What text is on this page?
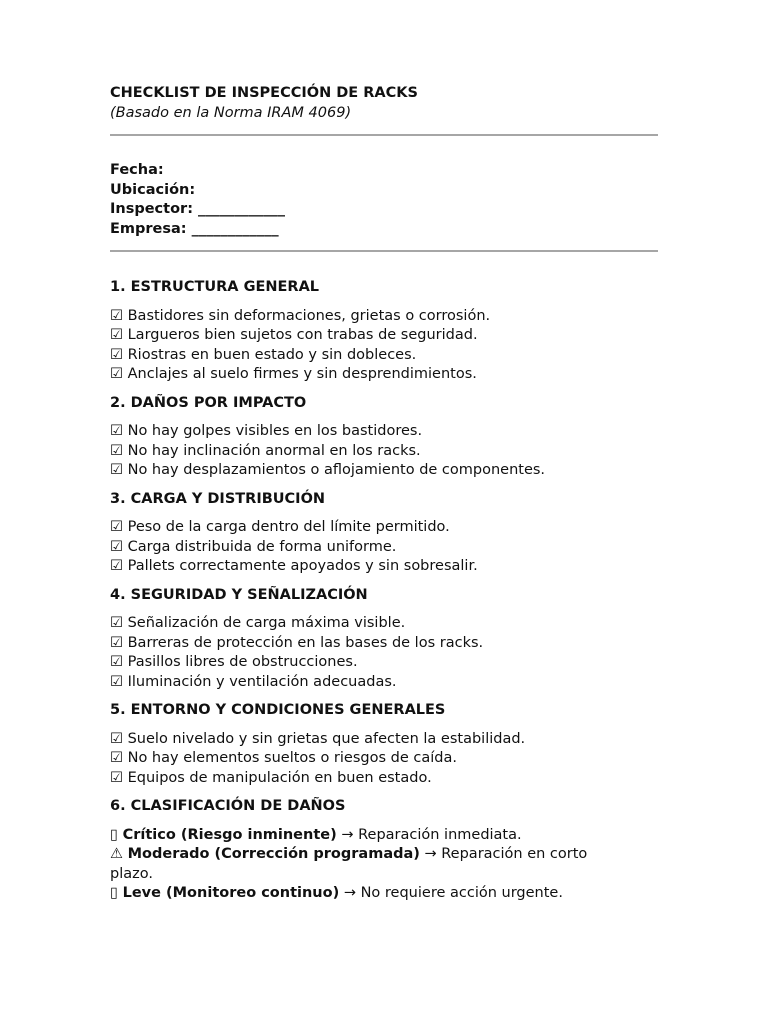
CHECKLIST DE INSPECCIÓN DE RACKS
(Basado en la Norma IRAM 4069)
Fecha:
Ubicación:
Inspector: ____________
Empresa: ____________
1. ESTRUCTURA GENERAL
☑ Bastidores sin deformaciones, grietas o corrosión.
☑ Largueros bien sujetos con trabas de seguridad.
☑ Riostras en buen estado y sin dobleces.
☑ Anclajes al suelo firmes y sin desprendimientos.
2. DAÑOS POR IMPACTO
☑ No hay golpes visibles en los bastidores.
☑ No hay inclinación anormal en los racks.
☑ No hay desplazamientos o aflojamiento de componentes.
3. CARGA Y DISTRIBUCIÓN
☑ Peso de la carga dentro del límite permitido.
☑ Carga distribuida de forma uniforme.
☑ Pallets correctamente apoyados y sin sobresalir.
4. SEGURIDAD Y SEÑALIZACIÓN
☑ Señalización de carga máxima visible.
☑ Barreras de protección en las bases de los racks.
☑ Pasillos libres de obstrucciones.
☑ Iluminación y ventilación adecuadas.
5. ENTORNO Y CONDICIONES GENERALES
☑ Suelo nivelado y sin grietas que afecten la estabilidad.
☑ No hay elementos sueltos o riesgos de caída.
☑ Equipos de manipulación en buen estado.
6. CLASIFICACIÓN DE DAÑOS
▯ Crítico (Riesgo inminente) → Reparación inmediata.
⚠ Moderado (Corrección programada) → Reparación en corto plazo.
▯ Leve (Monitoreo continuo) → No requiere acción urgente.
